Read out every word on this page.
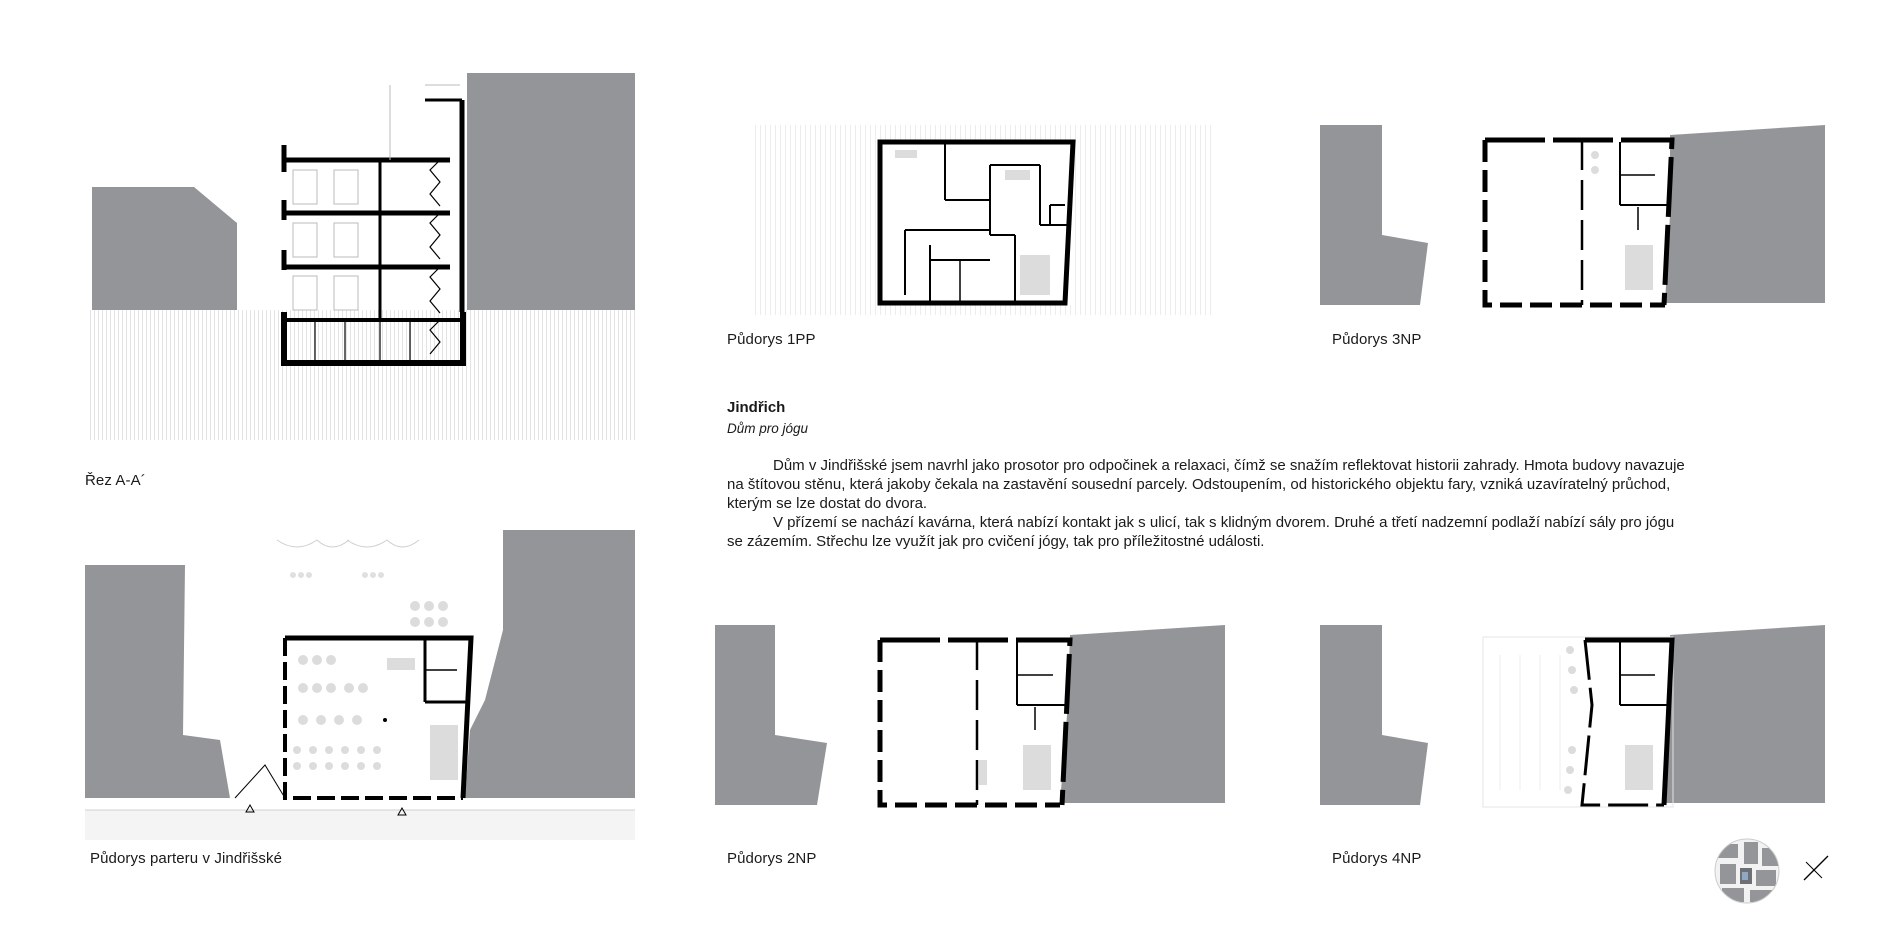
Řez A-A´
Půdorys parteru v Jindřišské
Půdorys 1PP	Půdorys 3NP

Jindřich

Dům pro jógu

Dům v Jindřišské jsem navrhl jako prosotor pro odpočinek a relaxaci, čímž se snažím reflektovat historii zahrady. Hmota budovy navazuje na štítovou stěnu, která jakoby čekala na zastavění sousední parcely. Odstoupením, od historického objektu fary, vzniká uzavíratelný průchod, kterým se lze dostat do dvora.

V přízemí se nachází kavárna, která nabízí kontakt jak s ulicí, tak s klidným dvorem. Druhé a třetí nadzemní podlaží nabízí sály pro jógu se zázemím. Střechu lze využít jak pro cvičení jógy, tak pro příležitostné události.

Půdorys 2NP	Půdorys 4NP
